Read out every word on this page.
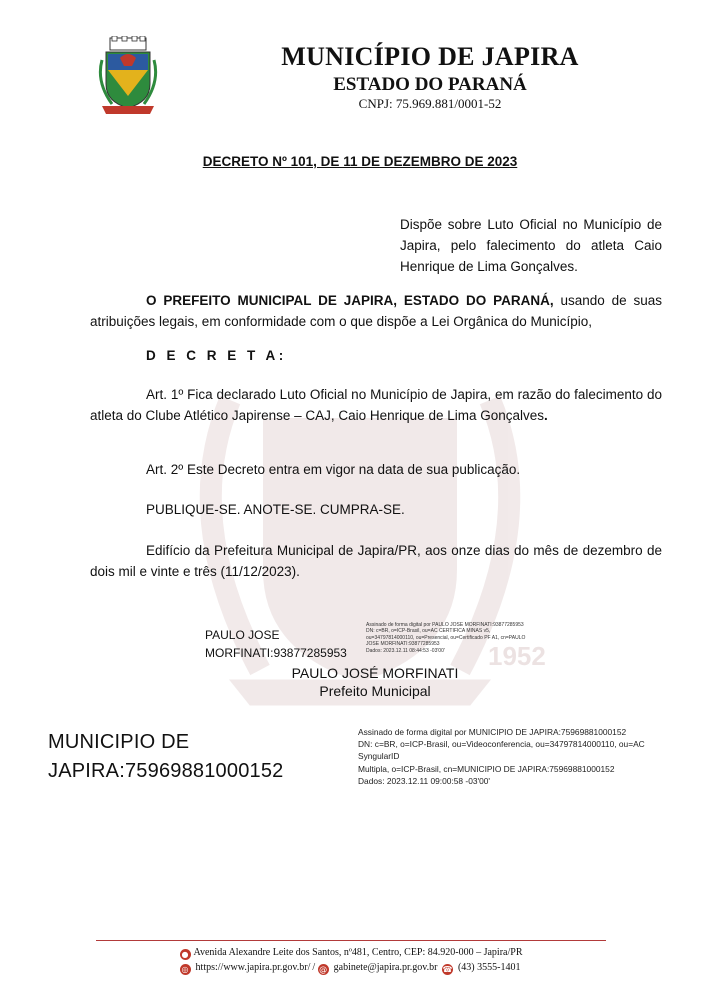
1952
MUNICÍPIO DE JAPIRA
ESTADO DO PARANÁ
CNPJ: 75.969.881/0001-52
DECRETO Nº 101, DE 11 DE DEZEMBRO DE 2023
Dispõe sobre Luto Oficial no Município de Japira, pelo falecimento do atleta Caio Henrique de Lima Gonçalves.
O PREFEITO MUNICIPAL DE JAPIRA, ESTADO DO PARANÁ, usando de suas atribuições legais, em conformidade com o que dispõe a Lei Orgânica do Município,
D E C R E T A:
Art. 1º Fica declarado Luto Oficial no Município de Japira, em razão do falecimento do atleta do Clube Atlético Japirense – CAJ, Caio Henrique de Lima Gonçalves.
Art. 2º Este Decreto entra em vigor na data de sua publicação.
PUBLIQUE-SE. ANOTE-SE. CUMPRA-SE.
Edifício da Prefeitura Municipal de Japira/PR, aos onze dias do mês de dezembro de dois mil e vinte e três (11/12/2023).
PAULO JOSE
MORFINATI:93877285953
Assinado de forma digital por PAULO JOSE MORFINATI:93877285953
DN: c=BR, o=ICP-Brasil, ou=AC CERTIFICA MINAS v5,
ou=34797814000110, ou=Presencial, ou=Certificado PF A1, cn=PAULO
JOSE MORFINATI:93877285953
Dados: 2023.12.11 08:44:53 -03'00'
PAULO JOSÉ MORFINATI
Prefeito Municipal
MUNICIPIO DE
JAPIRA:75969881000152
Assinado de forma digital por MUNICIPIO DE JAPIRA:75969881000152
DN: c=BR, o=ICP-Brasil, ou=Videoconferencia, ou=34797814000110, ou=AC SyngularID
Multipla, o=ICP-Brasil, cn=MUNICIPIO DE JAPIRA:75969881000152
Dados: 2023.12.11 09:00:58 -03'00'
● Avenida Alexandre Leite dos Santos, nº481, Centro, CEP: 84.920-000 – Japira/PR
◎ https://www.japira.pr.gov.br/ / @ gabinete@japira.pr.gov.br ☎ (43) 3555-1401
